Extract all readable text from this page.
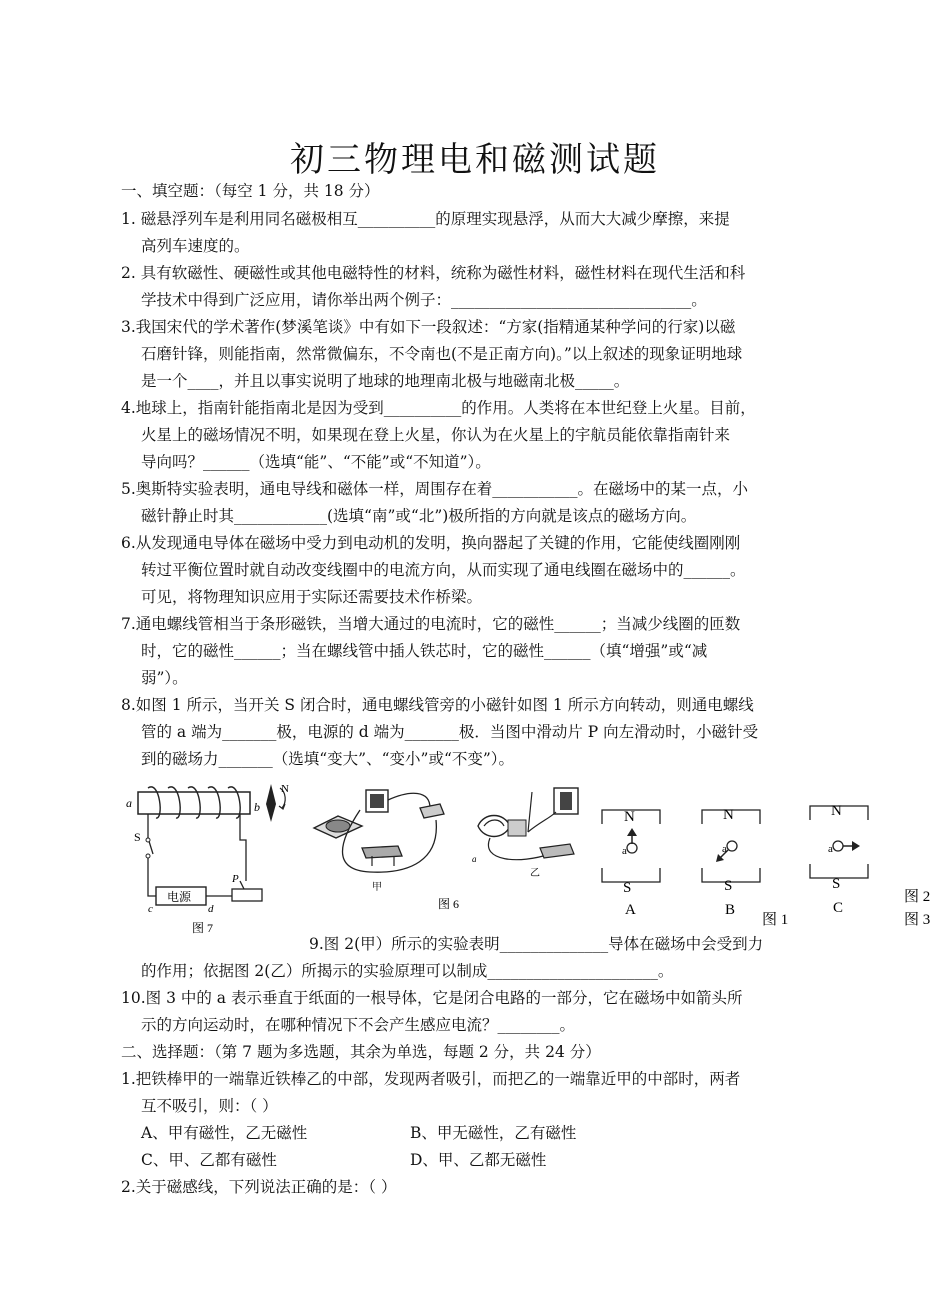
初三物理电和磁测试题
一、填空题：（每空 1 分，共 18 分）
1. 磁悬浮列车是利用同名磁极相互__________的原理实现悬浮，从而大大减少摩擦，来提
高列车速度的。
2. 具有软磁性、硬磁性或其他电磁特性的材料，统称为磁性材料，磁性材料在现代生活和科
学技术中得到广泛应用，请你举出两个例子：_______________________________。
3.我国宋代的学术著作(梦溪笔谈》中有如下一段叙述：“方家(指精通某种学问的行家)以磁
石磨针锋，则能指南，然常微偏东，不令南也(不是正南方向)。”以上叙述的现象证明地球
是一个____，并且以事实说明了地球的地理南北极与地磁南北极_____。
4.地球上，指南针能指南北是因为受到__________的作用。人类将在本世纪登上火星。目前，
火星上的磁场情况不明，如果现在登上火星，你认为在火星上的宇航员能依靠指南针来
导向吗？______（选填“能”、“不能”或“不知道”）。
5.奥斯特实验表明，通电导线和磁体一样，周围存在着___________。在磁场中的某一点，小
磁针静止时其____________(选填“南”或“北”)极所指的方向就是该点的磁场方向。
6.从发现通电导体在磁场中受力到电动机的发明，换向器起了关键的作用，它能使线圈刚刚
转过平衡位置时就自动改变线圈中的电流方向，从而实现了通电线圈在磁场中的______。
可见，将物理知识应用于实际还需要技术作桥梁。
7.通电螺线管相当于条形磁铁，当增大通过的电流时，它的磁性______；当减少线圈的匝数
时，它的磁性______；当在螺线管中插人铁芯时，它的磁性______（填“增强”或“减
弱”）。
8.如图 1 所示，当开关 S 闭合时，通电螺线管旁的小磁针如图 1 所示方向转动，则通电螺线
管的 a 端为_______极，电源的 d 端为_______极．当图中滑动片 P 向左滑动时，小磁针受
到的磁场力_______（选填“变大”、“变小”或“不变”）。
a	b
N
S
电源
c	d
P
图 7
甲
图 6
a
乙
N
S
a
A
N
S
a
B
N
S
a
C
图 1
图 2
图 3
9.图 2(甲）所示的实验表明______________导体在磁场中会受到力
的作用；依据图 2(乙）所揭示的实验原理可以制成______________________。
10.图 3 中的 a 表示垂直于纸面的一根导体，它是闭合电路的一部分，它在磁场中如箭头所
示的方向运动时，在哪种情况下不会产生感应电流？________。
二、选择题：（第 7 题为多选题，其余为单选，每题 2 分，共 24 分）
1.把铁棒甲的一端靠近铁棒乙的中部，发现两者吸引，而把乙的一端靠近甲的中部时，两者
互不吸引，则：（ ）
A、甲有磁性，乙无磁性	B、甲无磁性，乙有磁性
C、甲、乙都有磁性	D、甲、乙都无磁性
2.关于磁感线，下列说法正确的是：（ ）
